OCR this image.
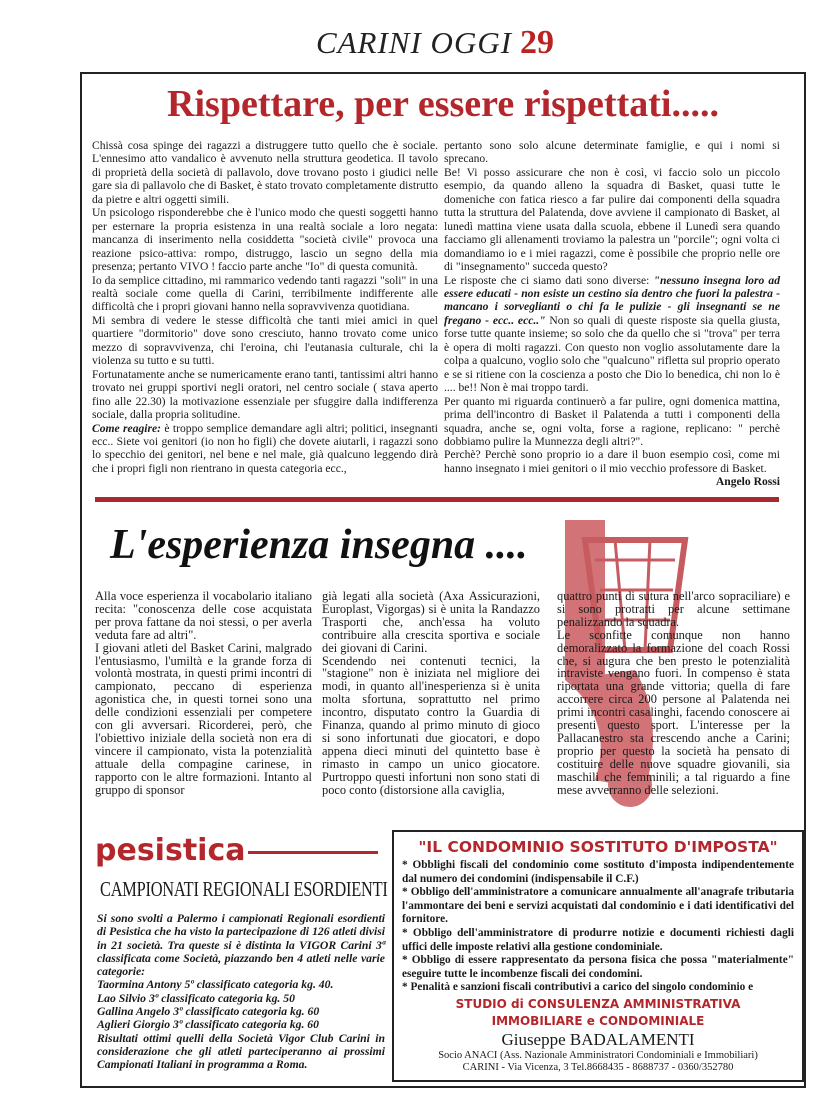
CARINI OGGI 29
Rispettare, per essere rispettati.....

Chissà cosa spinge dei ragazzi a distruggere tutto quello che è sociale. L'ennesimo atto vandalico è avvenuto nella struttura geodetica. Il tavolo di proprietà della società di pallavolo, dove trovano posto i giudici nelle gare sia di pallavolo che di Basket, è stato trovato completamente distrutto da pietre e altri oggetti simili.

Un psicologo risponderebbe che è l'unico modo che questi soggetti hanno per esternare la propria esistenza in una realtà sociale a loro negata: mancanza di inserimento nella cosiddetta "società civile" provoca una reazione psico-attiva: rompo, distruggo, lascio un segno della mia presenza; pertanto VIVO ! faccio parte anche "Io" di questa comunità.

Io da semplice cittadino, mi rammarico vedendo tanti ragazzi "soli" in una realtà sociale come quella di Carini, terribilmente indifferente alle difficoltà che i propri giovani hanno nella sopravvivenza quotidiana.

Mi sembra di vedere le stesse difficoltà che tanti miei amici in quel quartiere "dormitorio" dove sono cresciuto, hanno trovato come unico mezzo di sopravvivenza, chi l'eroina, chi l'eutanasia culturale, chi la violenza su tutto e su tutti.

Fortunatamente anche se numericamente erano tanti, tantissimi altri hanno trovato nei gruppi sportivi negli oratori, nel centro sociale ( stava aperto fino alle 22.30) la motivazione essenziale per sfuggire dalla indifferenza sociale, dalla propria solitudine.

Come reagire: è troppo semplice demandare agli altri; politici, insegnanti ecc.. Siete voi genitori (io non ho figli) che dovete aiutarli, i ragazzi sono lo specchio dei genitori, nel bene e nel male, già qualcuno leggendo dirà che i propri figli non rientrano in questa categoria ecc.,

pertanto sono solo alcune determinate famiglie, e qui i nomi si sprecano.

Be! Vi posso assicurare che non è così, vi faccio solo un piccolo esempio, da quando alleno la squadra di Basket, quasi tutte le domeniche con fatica riesco a far pulire dai componenti della squadra tutta la struttura del Palatenda, dove avviene il campionato di Basket, al lunedì mattina viene usata dalla scuola, ebbene il Lunedì sera quando facciamo gli allenamenti troviamo la palestra un "porcile"; ogni volta ci domandiamo io e i miei ragazzi, come è possibile che proprio nelle ore di "insegnamento" succeda questo?

Le risposte che ci siamo dati sono diverse: "nessuno insegna loro ad essere educati - non esiste un cestino sia dentro che fuori la palestra - mancano i sorveglianti o chi fa le pulizie - gli insegnanti se ne fregano - ecc.. ecc.." Non so quali di queste risposte sia quella giusta, forse tutte quante insieme; so solo che da quello che si "trova" per terra è opera di molti ragazzi. Con questo non voglio assolutamente dare la colpa a qualcuno, voglio solo che "qualcuno" rifletta sul proprio operato e se si ritiene con la coscienza a posto che Dio lo benedica, chi non lo è .... be!! Non è mai troppo tardi.

Per quanto mi riguarda continuerò a far pulire, ogni domenica mattina, prima dell'incontro di Basket il Palatenda a tutti i componenti della squadra, anche se, ogni volta, forse a ragione, replicano: " perchè dobbiamo pulire la Munnezza degli altri?".

Perchè? Perchè sono proprio io a dare il buon esempio così, come mi hanno insegnato i miei genitori o il mio vecchio professore di Basket.

Angelo Rossi

L'esperienza insegna ....

Alla voce esperienza il vocabolario italiano recita: "conoscenza delle cose acquistata per prova fattane da noi stessi, o per averla veduta fare ad altri".

I giovani atleti del Basket Carini, malgrado l'entusiasmo, l'umiltà e la grande forza di volontà mostrata, in questi primi incontri di campionato, peccano di esperienza agonistica che, in questi tornei sono una delle condizioni essenziali per competere con gli avversari. Ricorderei, però, che l'obiettivo iniziale della società non era di vincere il campionato, vista la potenzialità attuale della compagine carinese, in rapporto con le altre formazioni. Intanto al gruppo di sponsor

già legati alla società (Axa Assicurazioni, Europlast, Vigorgas) si è unita la Randazzo Trasporti che, anch'essa ha voluto contribuire alla crescita sportiva e sociale dei giovani di Carini.

Scendendo nei contenuti tecnici, la "stagione" non è iniziata nel migliore dei modi, in quanto all'inesperienza si è unita molta sfortuna, soprattutto nel primo incontro, disputato contro la Guardia di Finanza, quando al primo minuto di gioco si sono infortunati due giocatori, e dopo appena dieci minuti del quintetto base è rimasto in campo un unico giocatore. Purtroppo questi infortuni non sono stati di poco conto (distorsione alla caviglia,

quattro punti di sutura nell'arco sopraciliare) e si sono protratti per alcune settimane penalizzando la squadra.

Le sconfitte comunque non hanno demoralizzato la formazione del coach Rossi che, si augura che ben presto le potenzialità intraviste vengano fuori. In compenso è stata riportata una grande vittoria; quella di fare accorrere circa 200 persone al Palatenda nei primi incontri casalinghi, facendo conoscere ai presenti questo sport. L'interesse per la Pallacanestro sta crescendo anche a Carini; proprio per questo la società ha pensato di costituire delle nuove squadre giovanili, sia maschili che femminili; a tal riguardo a fine mese avverranno delle selezioni.

pesistica
CAMPIONATI REGIONALI ESORDIENTI

Si sono svolti a Palermo i campionati Regionali esordienti di Pesistica che ha visto la partecipazione di 126 atleti divisi in 21 società. Tra queste si è distinta la VIGOR Carini 3ª classificata come Società, piazzando ben 4 atleti nelle varie categorie:

Taormina Antony 5º classificato categoria kg. 40.

Lao Silvio 3º classificato categoria kg. 50

Gallina Angelo 3º classificato categoria kg. 60

Aglieri Giorgio 3º classificato categoria kg. 60

Risultati ottimi quelli della Società Vigor Club Carini in considerazione che gli atleti parteciperanno ai prossimi Campionati Italiani in programma a Roma.

"IL CONDOMINIO SOSTITUTO D'IMPOSTA"

* Obblighi fiscali del condominio come sostituto d'imposta indipendentemente dal numero dei condomini (indispensabile il C.F.)

* Obbligo dell'amministratore a comunicare annualmente all'anagrafe tributaria l'ammontare dei beni e servizi acquistati dal condominio e i dati identificativi del fornitore.

* Obbligo dell'amministratore di produrre notizie e documenti richiesti dagli uffici delle imposte relativi alla gestione condominiale.

* Obbligo di essere rappresentato da persona fisica che possa "materialmente" eseguire tutte le incombenze fiscali dei condomini.

* Penalità e sanzioni fiscali contributivi a carico del singolo condominio e

STUDIO di CONSULENZA AMMINISTRATIVA
IMMOBILIARE e CONDOMINIALE
Giuseppe BADALAMENTI
Socio ANACI (Ass. Nazionale Amministratori Condominiali e Immobiliari)
CARINI - Via Vicenza, 3 Tel.8668435 - 8688737 - 0360/352780
